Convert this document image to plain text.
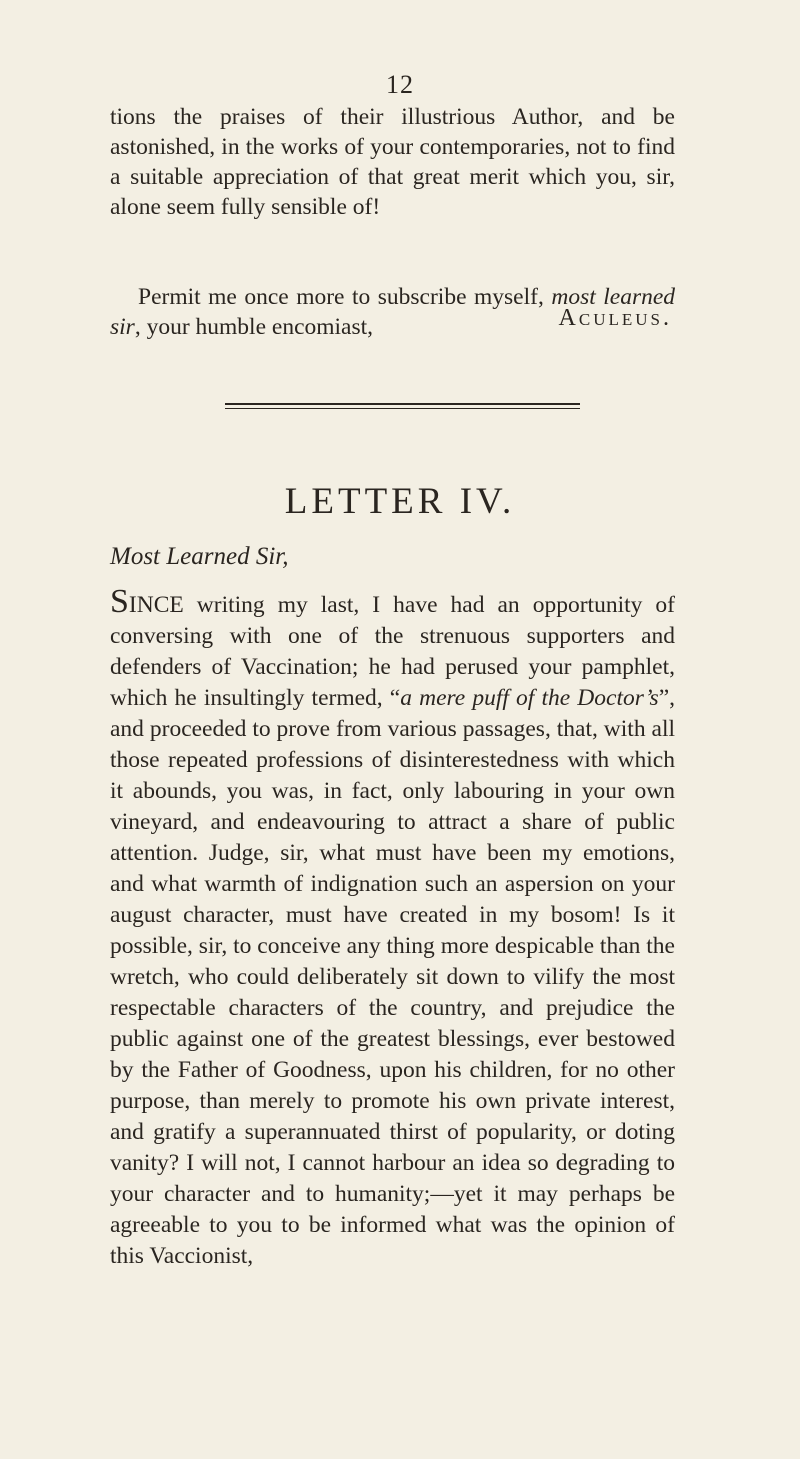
12
tions the praises of their illustrious Author, and be astonished, in the works of your contemporaries, not to find a suitable appreciation of that great merit which you, sir, alone seem fully sensible of!
Permit me once more to subscribe myself, most learned sir, your humble encomiast,	Aculeus.
LETTER IV.
Most Learned Sir,
SINCE writing my last, I have had an opportunity of conversing with one of the strenuous supporters and defenders of Vaccination; he had perused your pamphlet, which he insultingly termed, “a mere puff of the Doctor’s”, and proceeded to prove from various passages, that, with all those repeated professions of disinterestedness with which it abounds, you was, in fact, only labouring in your own vineyard, and endeavouring to attract a share of public attention. Judge, sir, what must have been my emotions, and what warmth of indignation such an aspersion on your august character, must have created in my bosom! Is it possible, sir, to conceive any thing more despicable than the wretch, who could deliberately sit down to vilify the most respectable characters of the country, and prejudice the public against one of the greatest blessings, ever bestowed by the Father of Goodness, upon his children, for no other purpose, than merely to promote his own private interest, and gratify a superannuated thirst of popularity, or doting vanity? I will not, I cannot harbour an idea so degrading to your character and to humanity;—yet it may perhaps be agreeable to you to be informed what was the opinion of this Vaccionist,
